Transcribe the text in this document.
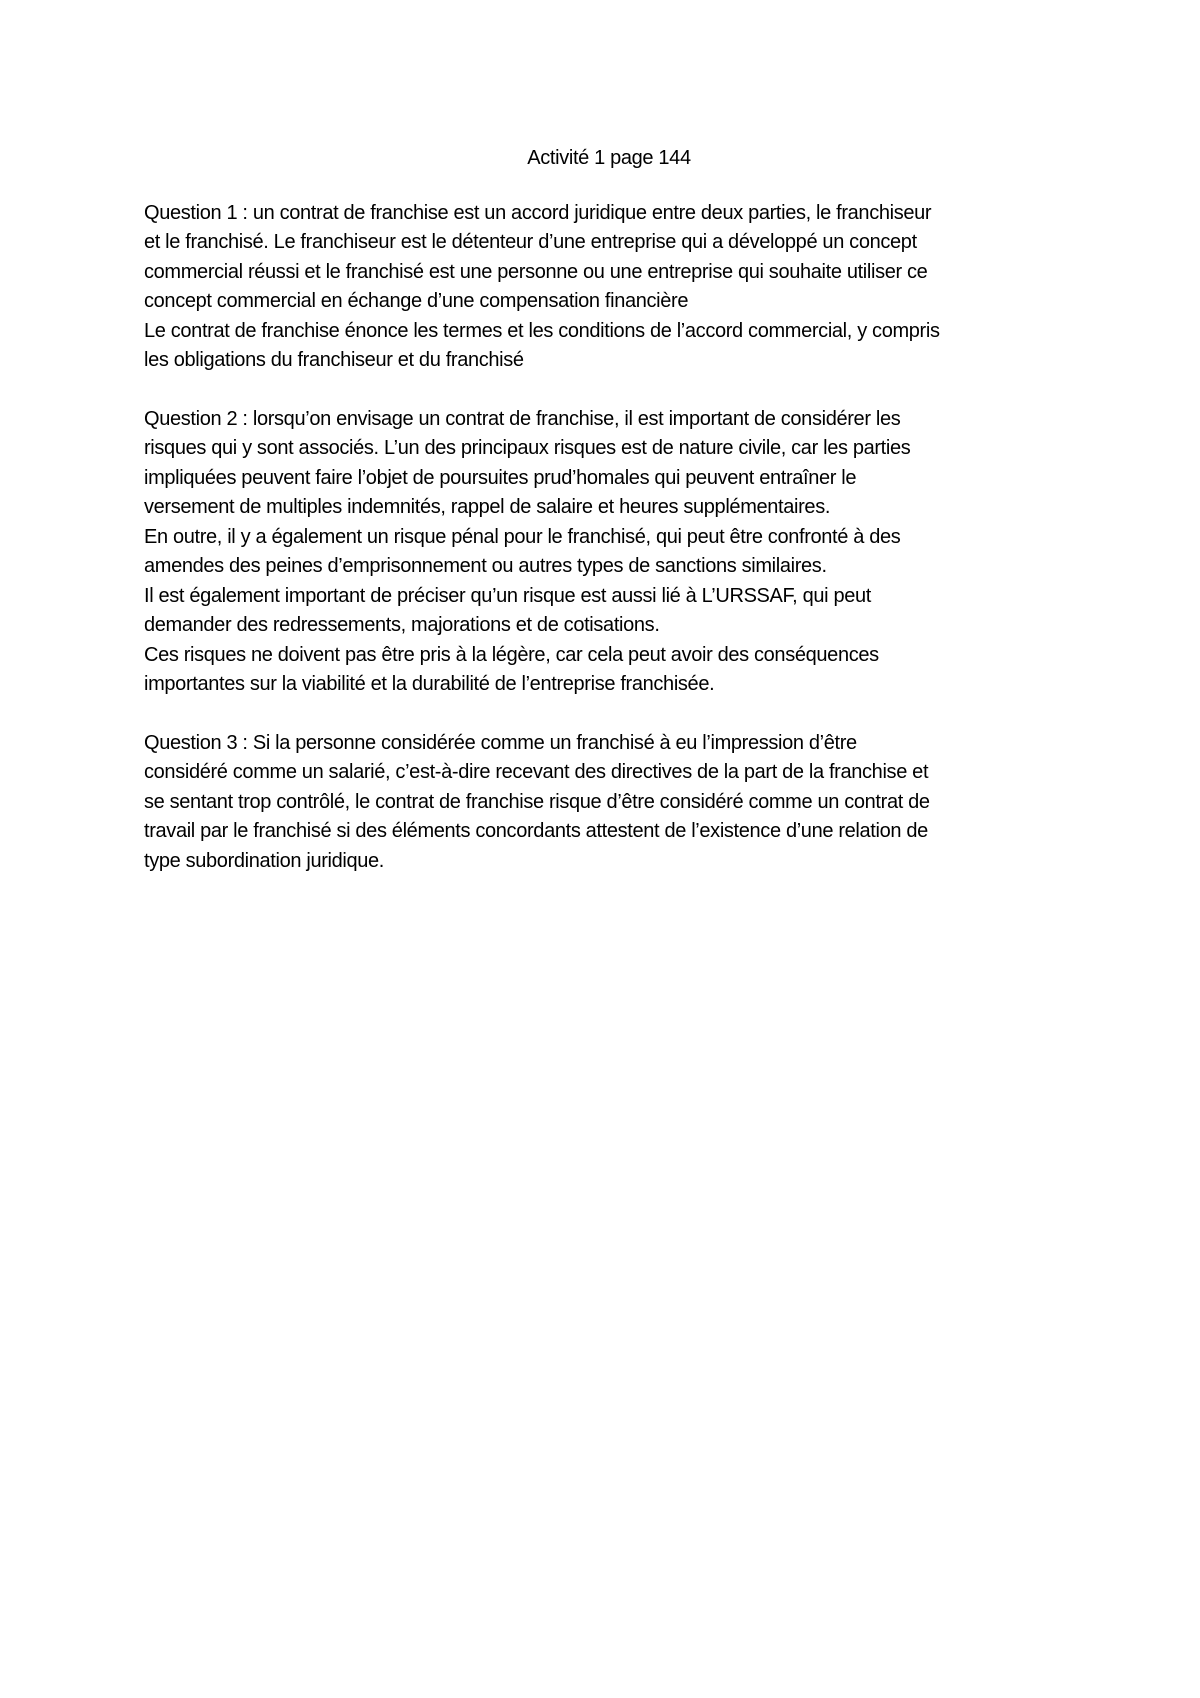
Activité 1 page 144
Question 1 : un contrat de franchise est un accord juridique entre deux parties, le franchiseur
et le franchisé. Le franchiseur est le détenteur d’une entreprise qui a développé un concept
commercial réussi et le franchisé est une personne ou une entreprise qui souhaite utiliser ce
concept commercial en échange d’une compensation financière
Le contrat de franchise énonce les termes et les conditions de l’accord commercial, y compris
les obligations du franchiseur et du franchisé
Question 2 : lorsqu’on envisage un contrat de franchise, il est important de considérer les
risques qui y sont associés. L’un des principaux risques est de nature civile, car les parties
impliquées peuvent faire l’objet de poursuites prud’homales qui peuvent entraîner le
versement de multiples indemnités, rappel de salaire et heures supplémentaires.
En outre, il y a également un risque pénal pour le franchisé, qui peut être confronté à des
amendes des peines d’emprisonnement ou autres types de sanctions similaires.
Il est également important de préciser qu’un risque est aussi lié à L’URSSAF, qui peut
demander des redressements, majorations et de cotisations.
Ces risques ne doivent pas être pris à la légère, car cela peut avoir des conséquences
importantes sur la viabilité et la durabilité de l’entreprise franchisée.
Question 3 : Si la personne considérée comme un franchisé à eu l’impression d’être
considéré comme un salarié, c’est-à-dire recevant des directives de la part de la franchise et
se sentant trop contrôlé, le contrat de franchise risque d’être considéré comme un contrat de
travail par le franchisé si des éléments concordants attestent de l’existence d’une relation de
type subordination juridique.
